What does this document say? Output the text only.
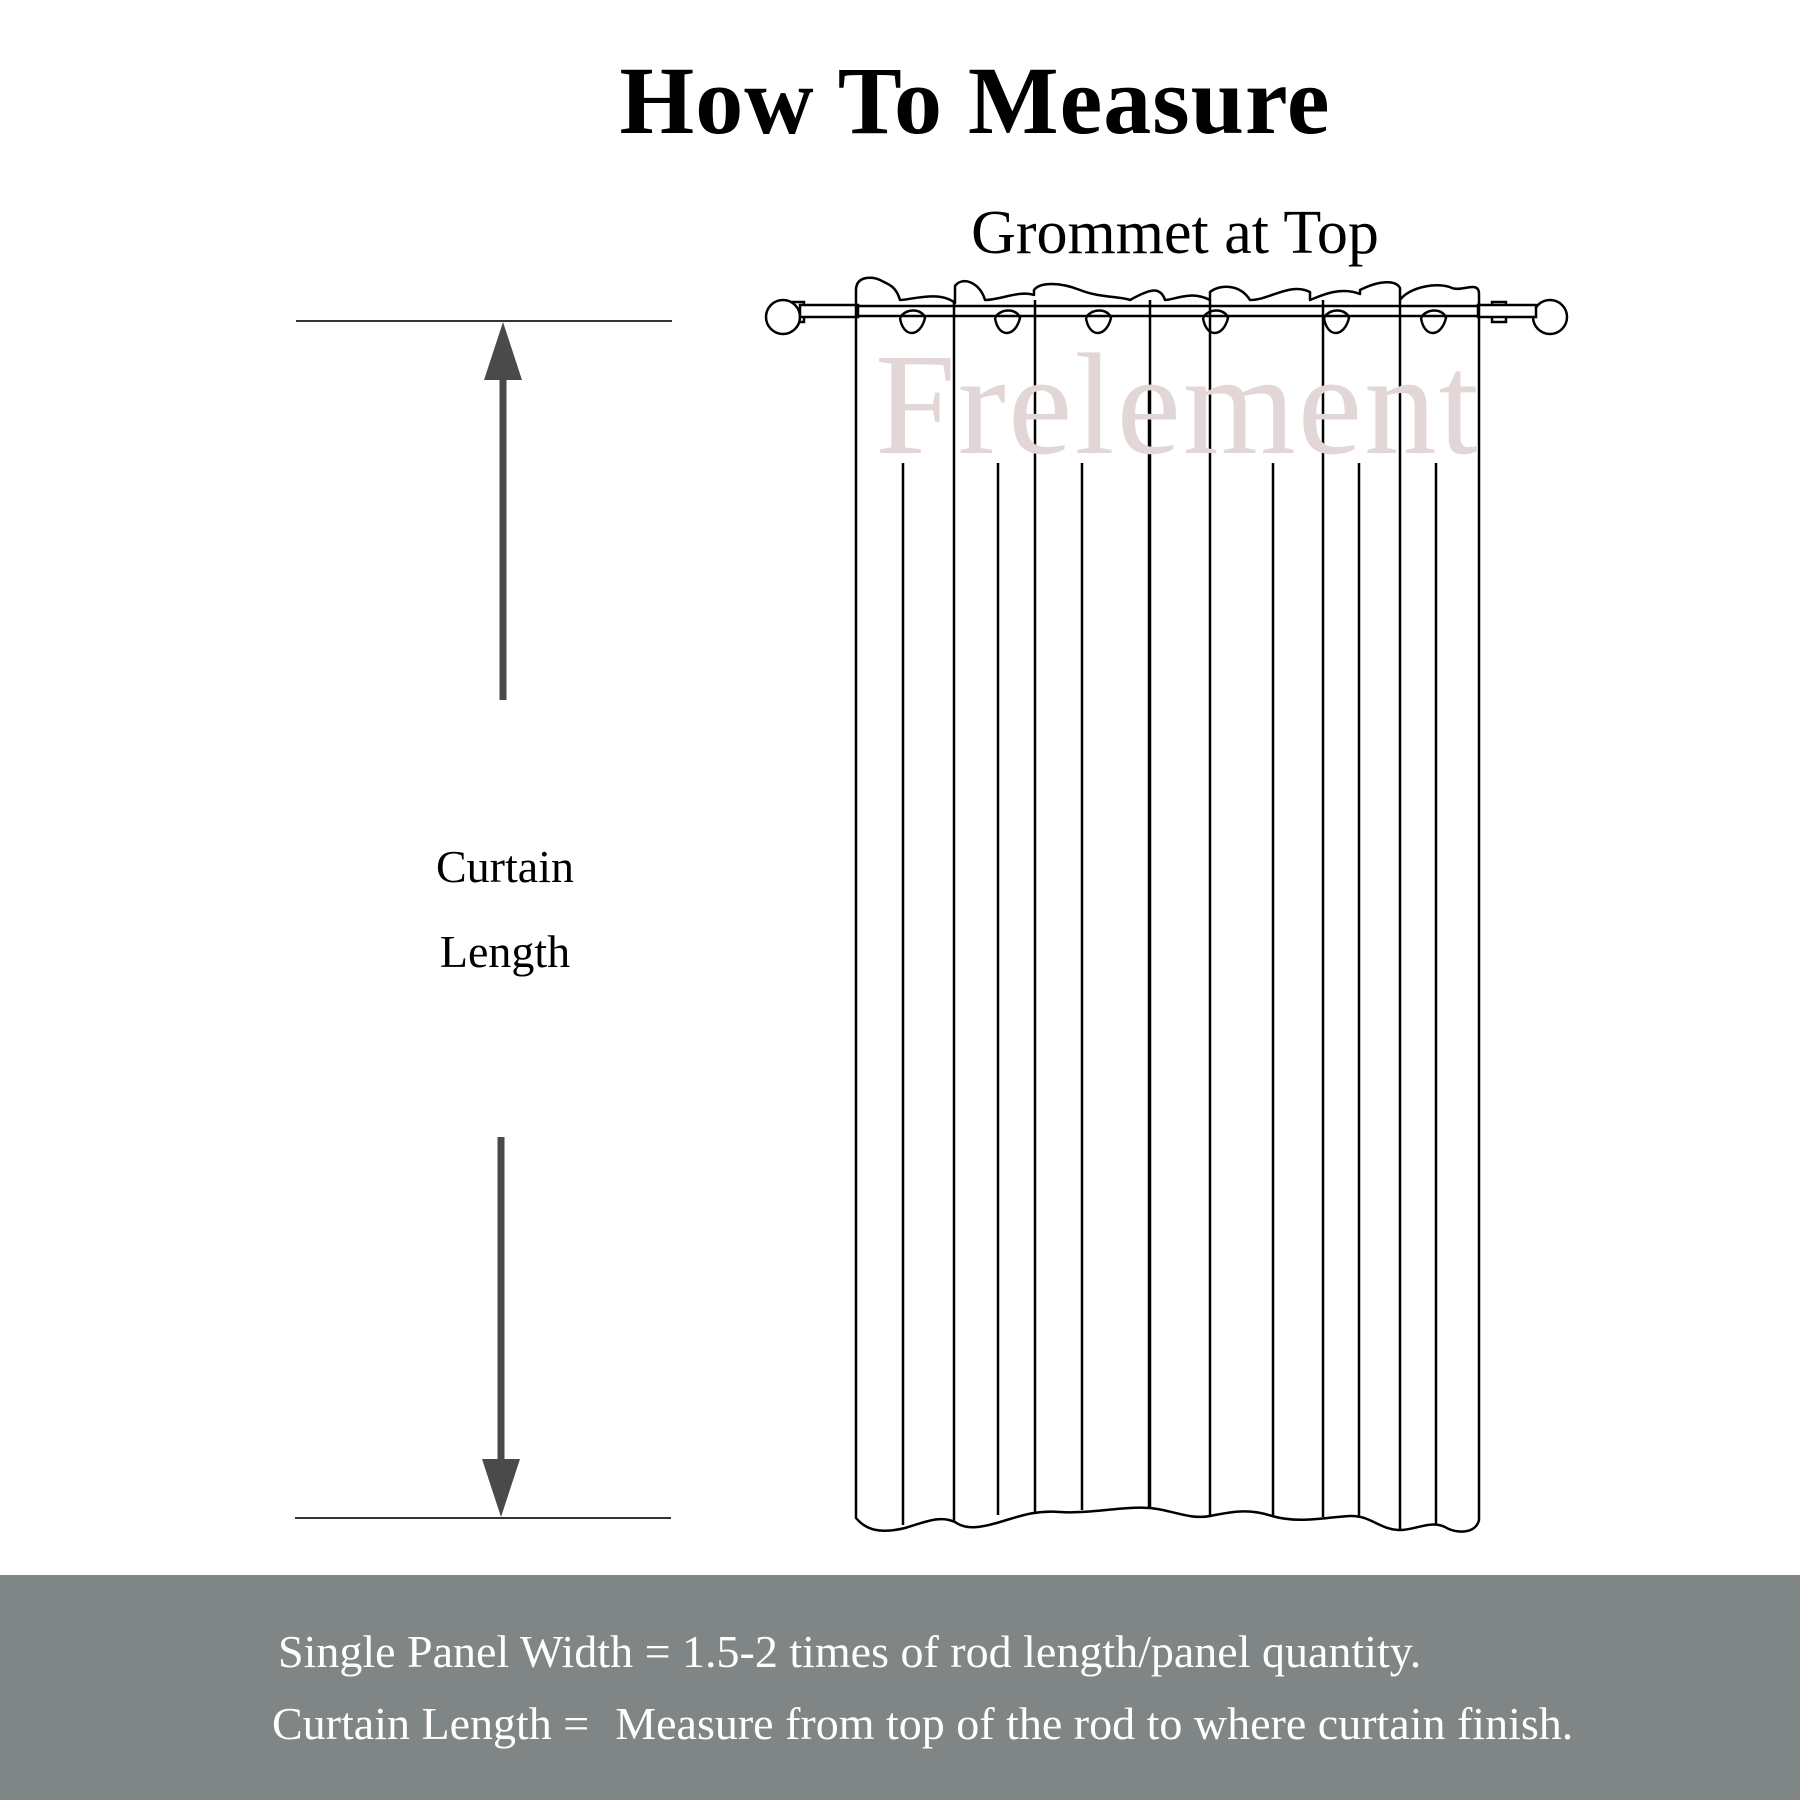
How To Measure
Grommet at Top
Frelement
Curtain
Length
Single Panel Width = 1.5-2 times of rod length/panel quantity.
Curtain Length = Measure from top of the rod to where curtain finish.
